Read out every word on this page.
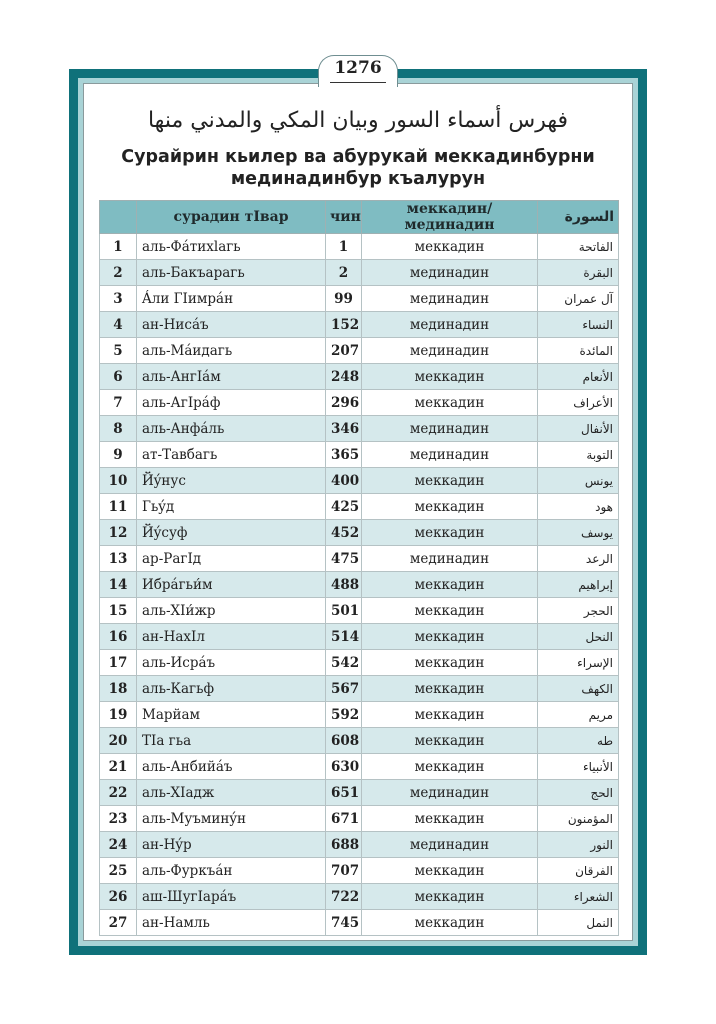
1276
فهرس أسماء السور وبيان المكي والمدني منها
Сурайрин кьилер ва абурукай меккадинбурни
мединадинбур къалурун
	сурадин тIвар	чин	меккадин/мединадин	السورة
1	аль-Фáтихlагь	1	меккадин	الفاتحة
2	аль-Бакъарагь	2	мединадин	البقرة
3	Áли ГIимрáн	99	мединадин	آل عمران
4	ан-Нисáъ	152	мединадин	النساء
5	аль-Мáидагь	207	мединадин	المائدة
6	аль-АнгIáм	248	меккадин	الأنعام
7	аль-АгIрáф	296	меккадин	الأعراف
8	аль-Анфáль	346	мединадин	الأنفال
9	ат-Тавбагь	365	мединадин	التوبة
10	Йýнус	400	меккадин	يونس
11	Гьýд	425	меккадин	هود
12	Йýсуф	452	меккадин	يوسف
13	ар-РагIд	475	мединадин	الرعد
14	Ибрáгьи́м	488	меккадин	إبراهيم
15	аль-ХIи́жр	501	меккадин	الحجر
16	ан-НахIл	514	меккадин	النحل
17	аль-Исрáъ	542	меккадин	الإسراء
18	аль-Кагьф	567	меккадин	الكهف
19	Марйам	592	меккадин	مريم
20	ТIа гьа	608	меккадин	طه
21	аль-Анбийáъ	630	меккадин	الأنبياء
22	аль-ХIадж	651	мединадин	الحج
23	аль-Муъминýн	671	меккадин	المؤمنون
24	ан-Нýр	688	мединадин	النور
25	аль-Фуркъáн	707	меккадин	الفرقان
26	аш-ШугIарáъ	722	меккадин	الشعراء
27	ан-Намль	745	меккадин	النمل
